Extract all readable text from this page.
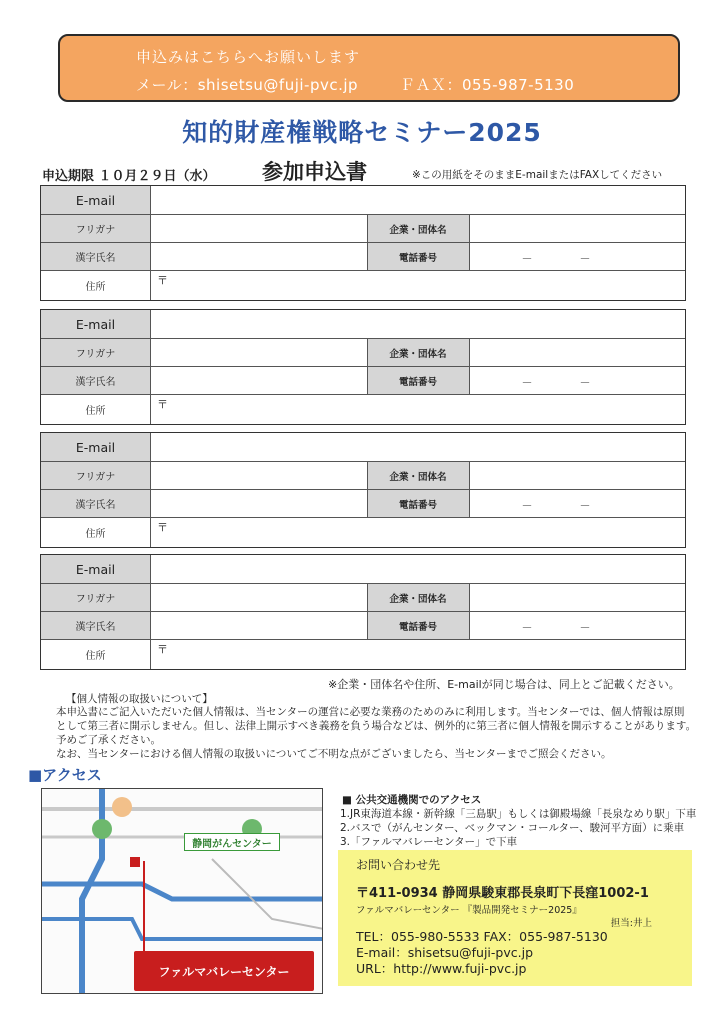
申込みはこちらへお願いします
メール：shisetsu@fuji-pvc.jp	ＦＡＸ：055-987-5130
知的財産権戦略セミナー2025
申込期限 １０月２９日（水） 参加申込書	※この用紙をそのままE-mailまたはFAXしてください
E-mail
フリガナ	企業・団体名
漢字氏名	電話番号	－	－
住所
〒
E-mail
フリガナ	企業・団体名
漢字氏名	電話番号	－	－
住所
〒
E-mail
フリガナ	企業・団体名
漢字氏名	電話番号	－	－
住所
〒
E-mail
フリガナ	企業・団体名
漢字氏名	電話番号	－	－
住所
〒
※企業・団体名や住所、E-mailが同じ場合は、同上とご記載ください。
【個人情報の取扱いについて】

本申込書にご記入いただいた個人情報は、当センターの運営に必要な業務のためのみに利用します。当センターでは、個人情報は原則

として第三者に開示しません。但し、法律上開示すべき義務を負う場合などは、例外的に第三者に個人情報を開示することがあります。

予めご了承ください。

なお、当センターにおける個人情報の取扱いについてご不明な点がございましたら、当センターまでご照会ください。

■アクセス
静岡がんセンター
ファルマバレーセンター

■ 公共交通機関でのアクセス

1.JR東海道本線・新幹線「三島駅」もしくは御殿場線「長泉なめり駅」下車

2.バスで（がんセンター、ベックマン・コールター、駿河平方面）に乗車

3.「ファルマバレーセンター」で下車

お問い合わせ先
〒411-0934 静岡県駿東郡長泉町下長窪1002-1
ファルマバレーセンター 『製品開発セミナー2025』
担当:井上
TEL：055-980-5533 FAX：055-987-5130
E-mail：shisetsu@fuji-pvc.jp
URL：http://www.fuji-pvc.jp
